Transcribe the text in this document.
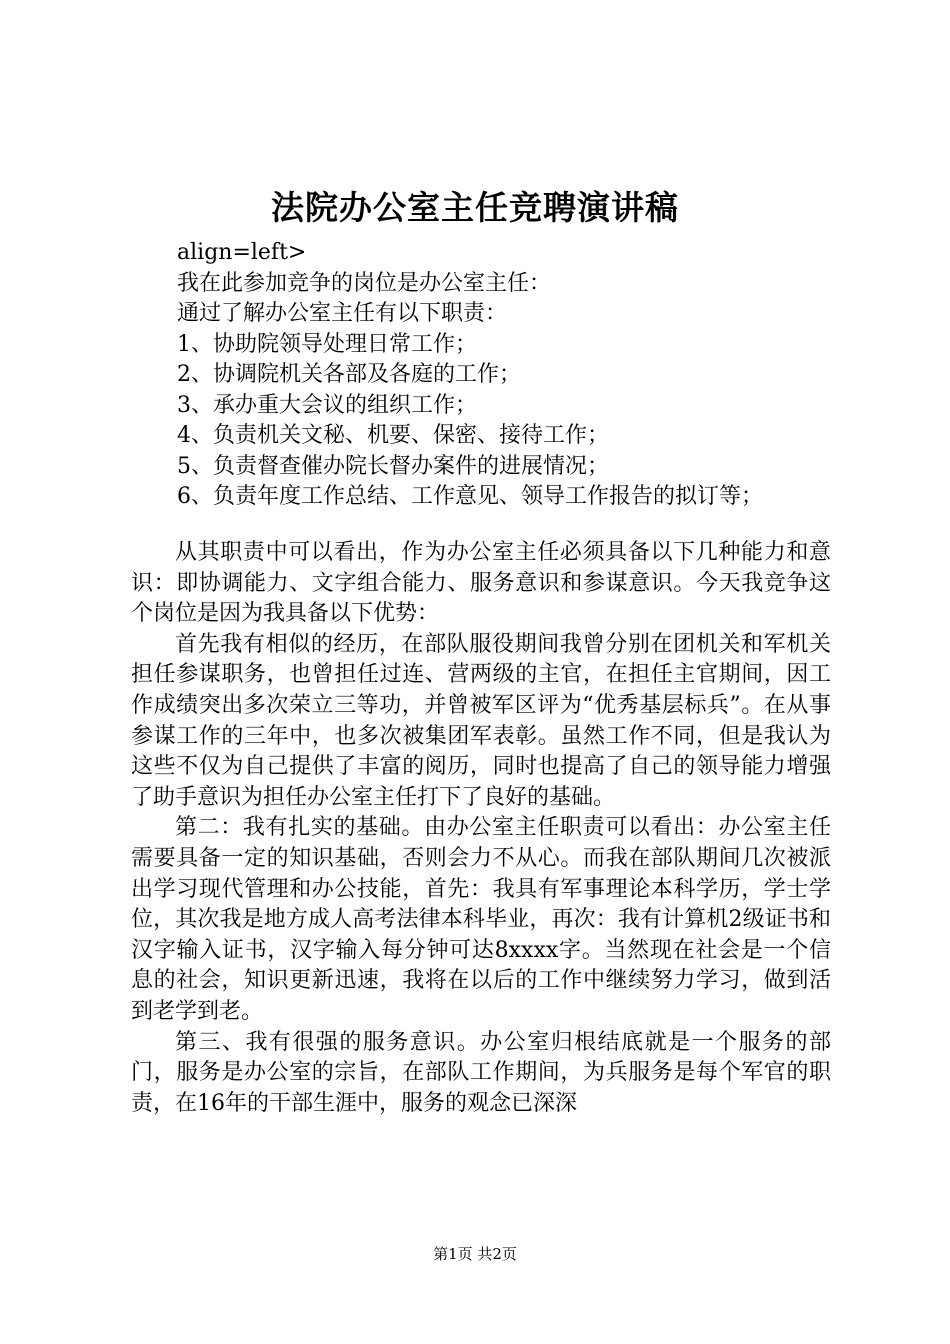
法院办公室主任竞聘演讲稿
align=left>
我在此参加竞争的岗位是办公室主任：
通过了解办公室主任有以下职责：
1、协助院领导处理日常工作；
2、协调院机关各部及各庭的工作；
3、承办重大会议的组织工作；
4、负责机关文秘、机要、保密、接待工作；
5、负责督查催办院长督办案件的进展情况；
6、负责年度工作总结、工作意见、领导工作报告的拟订等；

从其职责中可以看出，作为办公室主任必须具备以下几种能力和意识：即协调能力、文字组合能力、服务意识和参谋意识。今天我竞争这个岗位是因为我具备以下优势：

首先我有相似的经历，在部队服役期间我曾分别在团机关和军机关担任参谋职务，也曾担任过连、营两级的主官，在担任主官期间，因工作成绩突出多次荣立三等功，并曾被军区评为“优秀基层标兵”。在从事参谋工作的三年中，也多次被集团军表彰。虽然工作不同，但是我认为这些不仅为自己提供了丰富的阅历，同时也提高了自己的领导能力增强了助手意识为担任办公室主任打下了良好的基础。

第二：我有扎实的基础。由办公室主任职责可以看出：办公室主任需要具备一定的知识基础，否则会力不从心。而我在部队期间几次被派出学习现代管理和办公技能，首先：我具有军事理论本科学历，学士学位，其次我是地方成人高考法律本科毕业，再次：我有计算机2级证书和汉字输入证书，汉字输入每分钟可达8xxxx字。当然现在社会是一个信息的社会，知识更新迅速，我将在以后的工作中继续努力学习，做到活到老学到老。

第三、我有很强的服务意识。办公室归根结底就是一个服务的部门，服务是办公室的宗旨，在部队工作期间，为兵服务是每个军官的职责，在16年的干部生涯中，服务的观念已深深

第1页 共2页
